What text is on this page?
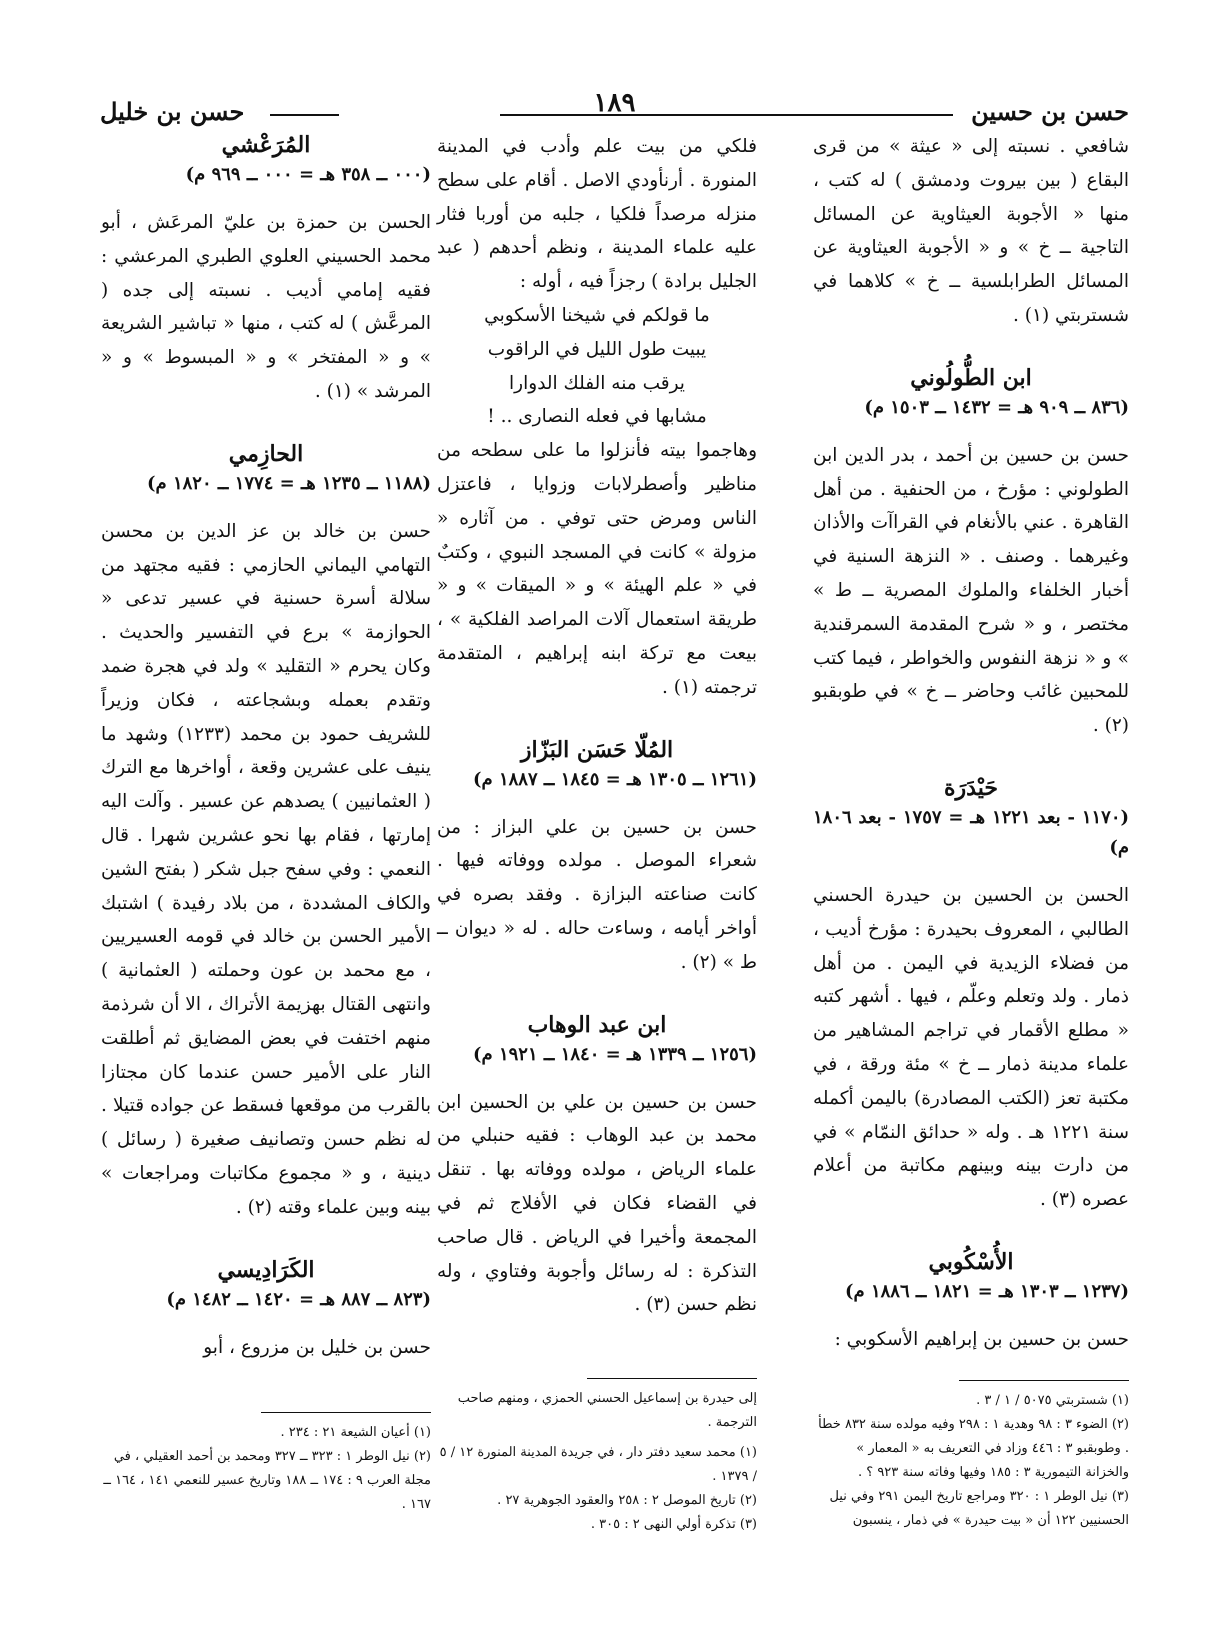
حسن بن حسين
١٨٩
حسن بن خليل

شافعي . نسبته إلى « عيثة » من قرى البقاع ( بين بيروت ودمشق ) له كتب ، منها « الأجوبة العيثاوية عن المسائل التاجية ــ خ » و « الأجوبة العيثاوية عن المسائل الطرابلسية ــ خ » كلاهما في شستربتي (١) .

ابن الطُّولُوني

(٨٣٦ ــ ٩٠٩ هـ = ١٤٣٢ ــ ١٥٠٣ م)

حسن بن حسين بن أحمد ، بدر الدين ابن الطولوني : مؤرخ ، من الحنفية . من أهل القاهرة . عني بالأنغام في القراآت والأذان وغيرهما . وصنف . « النزهة السنية في أخبار الخلفاء والملوك المصرية ــ ط » مختصر ، و « شرح المقدمة السمرقندية » و « نزهة النفوس والخواطر ، فيما كتب للمحبين غائب وحاضر ــ خ » في طوبقبو (٢) .

حَيْدَرَة

(١١٧٠ - بعد ١٢٢١ هـ = ١٧٥٧ - بعد ١٨٠٦ م)

الحسن بن الحسين بن حيدرة الحسني الطالبي ، المعروف بحيدرة : مؤرخ أديب ، من فضلاء الزيدية في اليمن . من أهل ذمار . ولد وتعلم وعلّم ، فيها . أشهر كتبه « مطلع الأقمار في تراجم المشاهير من علماء مدينة ذمار ــ خ » مئة ورقة ، في مكتبة تعز (الكتب المصادرة) باليمن أكمله سنة ١٢٢١ هـ . وله « حدائق النمّام » في من دارت بينه وبينهم مكاتبة من أعلام عصره (٣) .

الأُسْكُوبي

(١٢٣٧ ــ ١٣٠٣ هـ = ١٨٢١ ــ ١٨٨٦ م)

حسن بن حسين بن إبراهيم الأسكوبي :

فلكي من بيت علم وأدب في المدينة المنورة . أرنأودي الاصل . أقام على سطح منزله مرصداً فلكيا ، جلبه من أوربا فثار عليه علماء المدينة ، ونظم أحدهم ( عبد الجليل برادة ) رجزاً فيه ، أوله :

ما قولكم في شيخنا الأسكوبي
يبيت طول الليل في الراقوب
يرقب منه الفلك الدوارا
مشابها في فعله النصارى .. !

وهاجموا بيته فأنزلوا ما على سطحه من مناظير وأصطرلابات وزوايا ، فاعتزل الناس ومرض حتى توفي . من آثاره « مزولة » كانت في المسجد النبوي ، وكتبٌ في « علم الهيئة » و « الميقات » و « طريقة استعمال آلات المراصد الفلكية » ، بيعت مع تركة ابنه إبراهيم ، المتقدمة ترجمته (١) .

المُلّا حَسَن البَزّاز

(١٢٦١ ــ ١٣٠٥ هـ = ١٨٤٥ ــ ١٨٨٧ م)

حسن بن حسين بن علي البزاز : من شعراء الموصل . مولده ووفاته فيها . كانت صناعته البزازة . وفقد بصره في أواخر أيامه ، وساءت حاله . له « ديوان ــ ط » (٢) .

ابن عبد الوهاب

(١٢٥٦ ــ ١٣٣٩ هـ = ١٨٤٠ ــ ١٩٢١ م)

حسن بن حسين بن علي بن الحسين ابن محمد بن عبد الوهاب : فقيه حنبلي من علماء الرياض ، مولده ووفاته بها . تنقل في القضاء فكان في الأفلاج ثم في المجمعة وأخيرا في الرياض . قال صاحب التذكرة : له رسائل وأجوبة وفتاوي ، وله نظم حسن (٣) .

المُرَعْشي

(٠٠٠ ــ ٣٥٨ هـ = ٠٠٠ ــ ٩٦٩ م)

الحسن بن حمزة بن عليّ المرعَش ، أبو محمد الحسيني العلوي الطبري المرعشي : فقيه إمامي أديب . نسبته إلى جده ( المرعَّش ) له كتب ، منها « تباشير الشريعة » و « المفتخر » و « المبسوط » و « المرشد » (١) .

الحازِمي

(١١٨٨ ــ ١٢٣٥ هـ = ١٧٧٤ ــ ١٨٢٠ م)

حسن بن خالد بن عز الدين بن محسن التهامي اليماني الحازمي : فقيه مجتهد من سلالة أسرة حسنية في عسير تدعى « الحوازمة » برع في التفسير والحديث . وكان يحرم « التقليد » ولد في هجرة ضمد وتقدم بعمله وبشجاعته ، فكان وزيراً للشريف حمود بن محمد (١٢٣٣) وشهد ما ينيف على عشرين وقعة ، أواخرها مع الترك ( العثمانيين ) يصدهم عن عسير . وآلت اليه إمارتها ، فقام بها نحو عشرين شهرا . قال النعمي : وفي سفح جبل شكر ( بفتح الشين والكاف المشددة ، من بلاد رفيدة ) اشتبك الأمير الحسن بن خالد في قومه العسيريين ، مع محمد بن عون وحملته ( العثمانية ) وانتهى القتال بهزيمة الأتراك ، الا أن شرذمة منهم اختفت في بعض المضايق ثم أطلقت النار على الأمير حسن عندما كان مجتازا بالقرب من موقعها فسقط عن جواده قتيلا . له نظم حسن وتصانيف صغيرة ( رسائل ) دينية ، و « مجموع مكاتبات ومراجعات » بينه وبين علماء وقته (٢) .

الكَرَادِيسي

(٨٢٣ ــ ٨٨٧ هـ = ١٤٢٠ ــ ١٤٨٢ م)

حسن بن خليل بن مزروع ، أبو

(١) شستربتي ٥٠٧٥ / ١ / ٣ .

(٢) الضوء ٣ : ٩٨ وهدية ١ : ٢٩٨ وفيه مولده سنة ٨٣٢ خطأ . وطوبقبو ٣ : ٤٤٦ وزاد في التعريف به « المعمار » والخزانة التيمورية ٣ : ١٨٥ وفيها وفاته سنة ٩٢٣ ؟ .

(٣) نيل الوطر ١ : ٣٢٠ ومراجع تاريخ اليمن ٢٩١ وفي نيل الحسنيين ١٢٢ أن « بيت حيدرة » في ذمار ، ينسبون

إلى حيدرة بن إسماعيل الحسني الحمزي ، ومنهم صاحب الترجمة .

(١) محمد سعيد دفتر دار ، في جريدة المدينة المنورة ١٢ / ٥ / ١٣٧٩ .

(٢) تاريخ الموصل ٢ : ٢٥٨ والعقود الجوهرية ٢٧ .

(٣) تذكرة أولي النهى ٢ : ٣٠٥ .

(١) أعيان الشيعة ٢١ : ٢٣٤ .

(٢) نيل الوطر ١ : ٣٢٣ ــ ٣٢٧ ومحمد بن أحمد العقيلي ، في مجلة العرب ٩ : ١٧٤ ــ ١٨٨ وتاريخ عسير للنعمي ١٤١ ، ١٦٤ ــ ١٦٧ .
